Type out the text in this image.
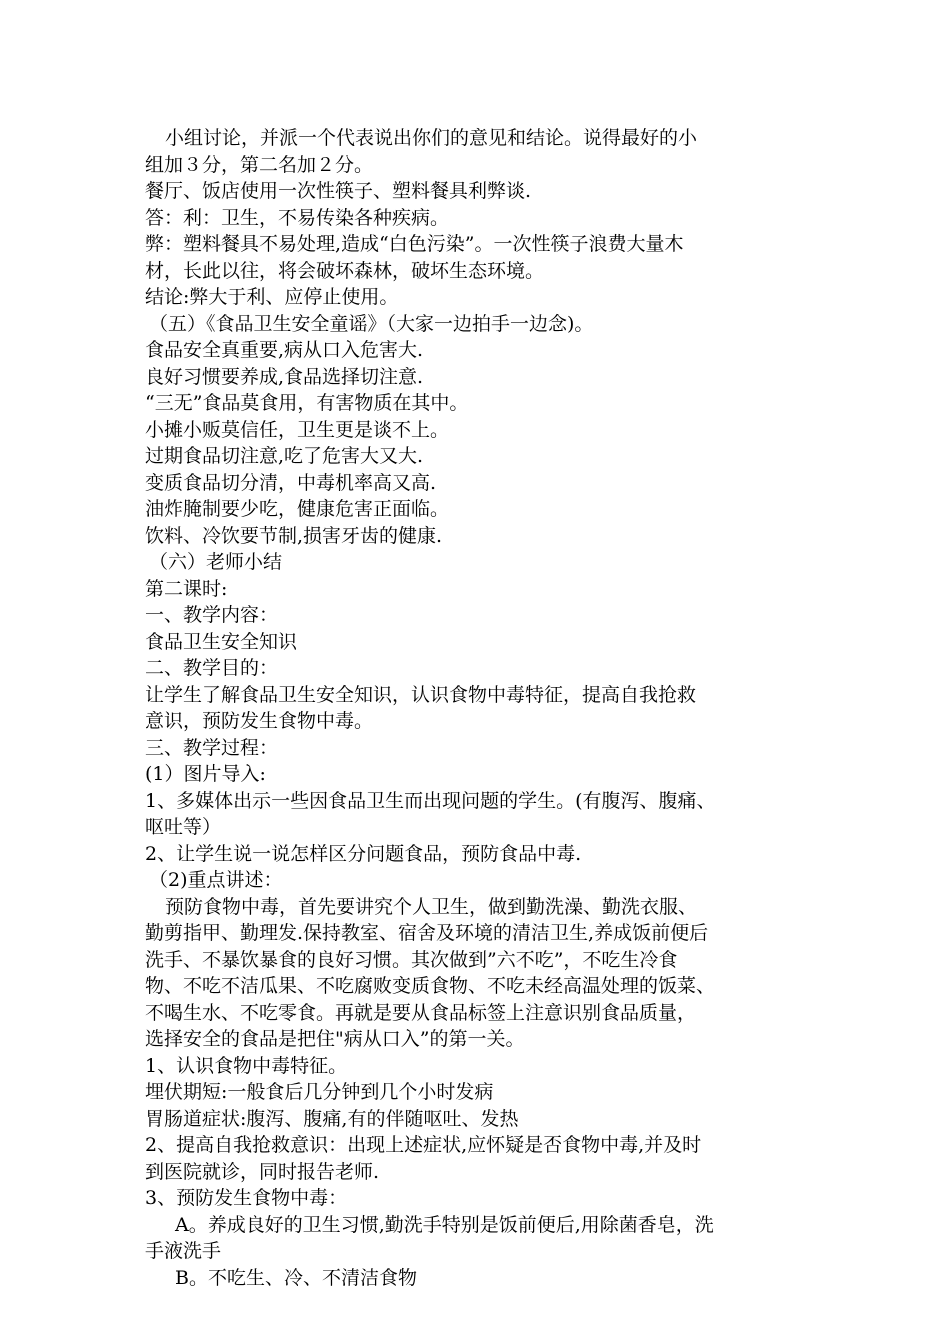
小组讨论，并派一个代表说出你们的意见和结论。说得最好的小
组加３分，第二名加２分。
餐厅、饭店使用一次性筷子、塑料餐具利弊谈.
答：利：卫生，不易传染各种疾病。
弊：塑料餐具不易处理,造成“白色污染”。一次性筷子浪费大量木
材，长此以往，将会破坏森林，破坏生态环境。
结论:弊大于利、应停止使用。
（五）《食品卫生安全童谣》（大家一边拍手一边念)。
食品安全真重要,病从口入危害大.
良好习惯要养成,食品选择切注意.
“三无”食品莫食用，有害物质在其中。
小摊小贩莫信任，卫生更是谈不上。
过期食品切注意,吃了危害大又大.
变质食品切分清，中毒机率高又高.
油炸腌制要少吃，健康危害正面临。
饮料、冷饮要节制,损害牙齿的健康.
（六）老师小结
第二课时:
一、教学内容：
食品卫生安全知识
二、教学目的：
让学生了解食品卫生安全知识，认识食物中毒特征，提高自我抢救
意识，预防发生食物中毒。
三、教学过程：
(1）图片导入:
1、多媒体出示一些因食品卫生而出现问题的学生。(有腹泻、腹痛、
呕吐等）
2、让学生说一说怎样区分问题食品，预防食品中毒.
（2)重点讲述：
预防食物中毒，首先要讲究个人卫生，做到勤洗澡、勤洗衣服、
勤剪指甲、勤理发.保持教室、宿舍及环境的清洁卫生,养成饭前便后
洗手、不暴饮暴食的良好习惯。其次做到”六不吃”，不吃生冷食
物、不吃不洁瓜果、不吃腐败变质食物、不吃未经高温处理的饭菜、
不喝生水、不吃零食。再就是要从食品标签上注意识别食品质量，
选择安全的食品是把住"病从口入”的第一关。
1、认识食物中毒特征。
埋伏期短:一般食后几分钟到几个小时发病
胃肠道症状:腹泻、腹痛,有的伴随呕吐、发热
2、提高自我抢救意识：出现上述症状,应怀疑是否食物中毒,并及时
到医院就诊，同时报告老师.
3、预防发生食物中毒：
A。养成良好的卫生习惯,勤洗手特别是饭前便后,用除菌香皂，洗
手液洗手
B。不吃生、冷、不清洁食物
